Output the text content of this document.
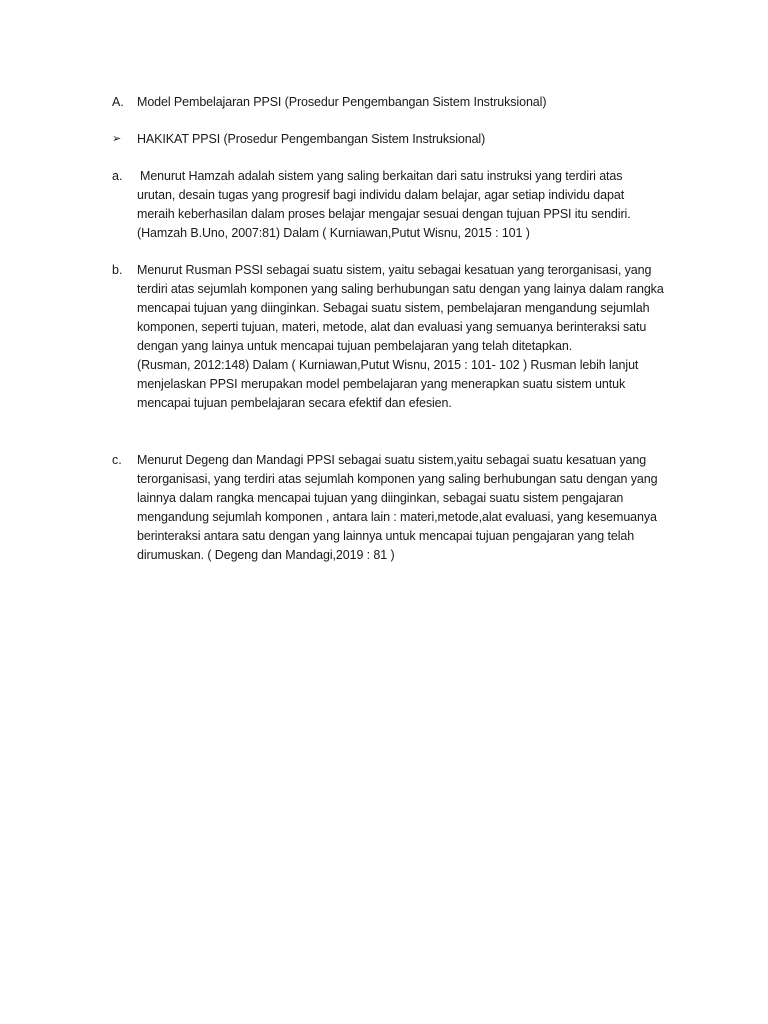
A.	Model Pembelajaran PPSI (Prosedur Pengembangan Sistem Instruksional)
➢	HAKIKAT PPSI (Prosedur Pengembangan Sistem Instruksional)
a.	Menurut Hamzah adalah sistem yang saling berkaitan dari satu instruksi yang terdiri atas
urutan, desain tugas yang progresif bagi individu dalam belajar, agar setiap individu dapat
meraih keberhasilan dalam proses belajar mengajar sesuai dengan tujuan PPSI itu sendiri.
(Hamzah B.Uno, 2007:81) Dalam ( Kurniawan,Putut Wisnu, 2015 : 101 )
b.	Menurut Rusman PSSI sebagai suatu sistem, yaitu sebagai kesatuan yang terorganisasi, yang
terdiri atas sejumlah komponen yang saling berhubungan satu dengan yang lainya dalam rangka
mencapai tujuan yang diinginkan. Sebagai suatu sistem, pembelajaran mengandung sejumlah
komponen, seperti tujuan, materi, metode, alat dan evaluasi yang semuanya berinteraksi satu
dengan yang lainya untuk mencapai tujuan pembelajaran yang telah ditetapkan.
(Rusman, 2012:148) Dalam ( Kurniawan,Putut Wisnu, 2015 : 101- 102 ) Rusman lebih lanjut
menjelaskan PPSI merupakan model pembelajaran yang menerapkan suatu sistem untuk
mencapai tujuan pembelajaran secara efektif dan efesien.
c.	Menurut Degeng dan Mandagi PPSI sebagai suatu sistem,yaitu sebagai suatu kesatuan yang
terorganisasi, yang terdiri atas sejumlah komponen yang saling berhubungan satu dengan yang
lainnya dalam rangka mencapai tujuan yang diinginkan, sebagai suatu sistem pengajaran
mengandung sejumlah komponen , antara lain : materi,metode,alat evaluasi, yang kesemuanya
berinteraksi antara satu dengan yang lainnya untuk mencapai tujuan pengajaran yang telah
dirumuskan. ( Degeng dan Mandagi,2019 : 81 )
